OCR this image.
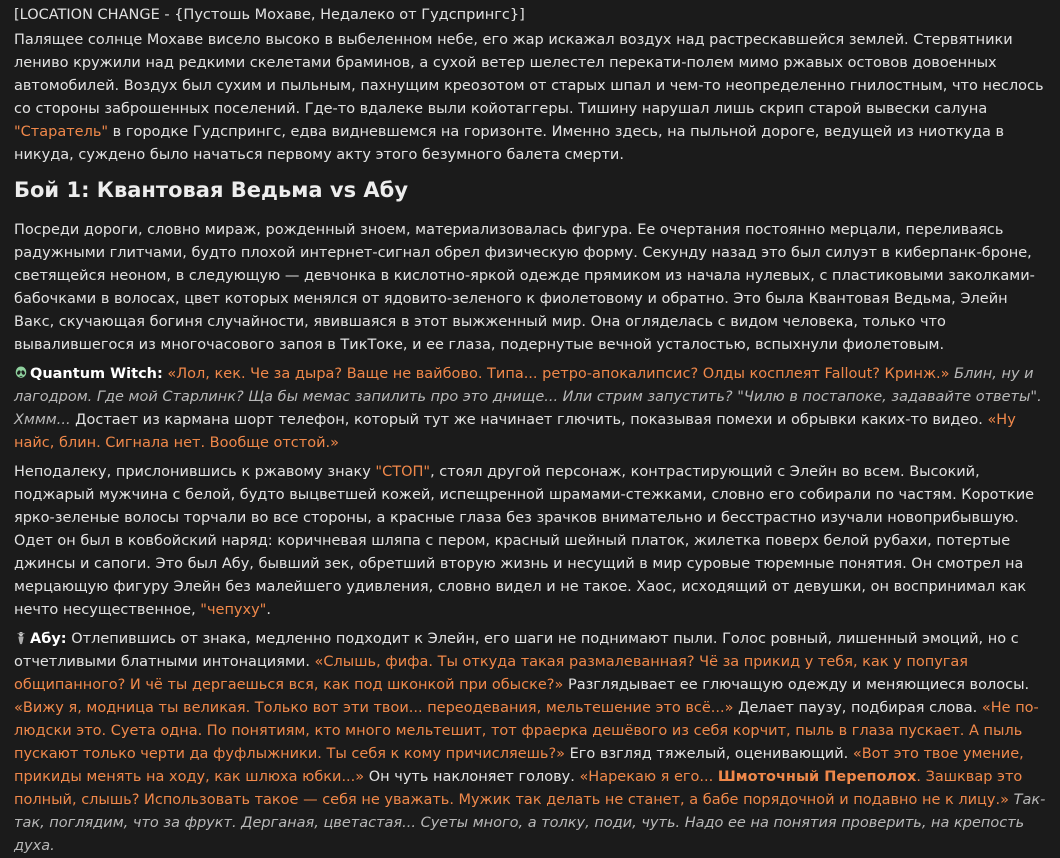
[LOCATION CHANGE - {Пустошь Мохаве, Недалеко от Гудспрингс}]

Палящее солнце Мохаве висело высоко в выбеленном небе, его жар искажал воздух над растрескавшейся землей. Стервятники лениво кружили над редкими скелетами браминов, а сухой ветер шелестел перекати-полем мимо ржавых остовов довоенных автомобилей. Воздух был сухим и пыльным, пахнущим креозотом от старых шпал и чем-то неопределенно гнилостным, что неслось со стороны заброшенных поселений. Где-то вдалеке выли койотаггеры. Тишину нарушал лишь скрип старой вывески салуна "Старатель" в городке Гудспрингс, едва видневшемся на горизонте. Именно здесь, на пыльной дороге, ведущей из ниоткуда в никуда, суждено было начаться первому акту этого безумного балета смерти.

Бой 1: Квантовая Ведьма vs Абу

Посреди дороги, словно мираж, рожденный зноем, материализовалась фигура. Ее очертания постоянно мерцали, переливаясь радужными глитчами, будто плохой интернет-сигнал обрел физическую форму. Секунду назад это был силуэт в киберпанк-броне, светящейся неоном, в следующую — девчонка в кислотно-яркой одежде прямиком из начала нулевых, с пластиковыми заколками-бабочками в волосах, цвет которых менялся от ядовито-зеленого к фиолетовому и обратно. Это была Квантовая Ведьма, Элейн Вакс, скучающая богиня случайности, явившаяся в этот выжженный мир. Она огляделась с видом человека, только что вывалившегося из многочасового запоя в ТикТоке, и ее глаза, подернутые вечной усталостью, вспыхнули фиолетовым.

Quantum Witch: «Лол, кек. Че за дыра? Ваще не вайбово. Типа... ретро-апокалипсис? Олды косплеят Fallout? Кринж.» Блин, ну и лагодром. Где мой Старлинк? Ща бы мемас запилить про это днище... Или стрим запустить? "Чилю в постапоке, задавайте ответы". Хммм... Достает из кармана шорт телефон, который тут же начинает глючить, показывая помехи и обрывки каких-то видео. «Ну найс, блин. Сигнала нет. Вообще отстой.»

Неподалеку, прислонившись к ржавому знаку "СТОП", стоял другой персонаж, контрастирующий с Элейн во всем. Высокий, поджарый мужчина с белой, будто выцветшей кожей, испещренной шрамами-стежками, словно его собирали по частям. Короткие ярко-зеленые волосы торчали во все стороны, а красные глаза без зрачков внимательно и бесстрастно изучали новоприбывшую. Одет он был в ковбойский наряд: коричневая шляпа с пером, красный шейный платок, жилетка поверх белой рубахи, потертые джинсы и сапоги. Это был Абу, бывший зек, обретший вторую жизнь и несущий в мир суровые тюремные понятия. Он смотрел на мерцающую фигуру Элейн без малейшего удивления, словно видел и не такое. Хаос, исходящий от девушки, он воспринимал как нечто несущественное, "чепуху".

Абу: Отлепившись от знака, медленно подходит к Элейн, его шаги не поднимают пыли. Голос ровный, лишенный эмоций, но с отчетливыми блатными интонациями. «Слышь, фифа. Ты откуда такая размалеванная? Чё за прикид у тебя, как у попугая общипанного? И чё ты дергаешься вся, как под шконкой при обыске?» Разглядывает ее глючащую одежду и меняющиеся волосы. «Вижу я, модница ты великая. Только вот эти твои... переодевания, мельтешение это всё...» Делает паузу, подбирая слова. «Не по-людски это. Суета одна. По понятиям, кто много мельтешит, тот фраерка дешёвого из себя корчит, пыль в глаза пускает. А пыль пускают только черти да фуфлыжники. Ты себя к кому причисляешь?» Его взгляд тяжелый, оценивающий. «Вот это твое умение, прикиды менять на ходу, как шлюха юбки...» Он чуть наклоняет голову. «Нарекаю я его... Шмоточный Переполох. Зашквар это полный, слышь? Использовать такое — себя не уважать. Мужик так делать не станет, а бабе порядочной и подавно не к лицу.» Так-так, поглядим, что за фрукт. Дерганая, цветастая... Суеты много, а толку, поди, чуть. Надо ее на понятия проверить, на крепость духа.
